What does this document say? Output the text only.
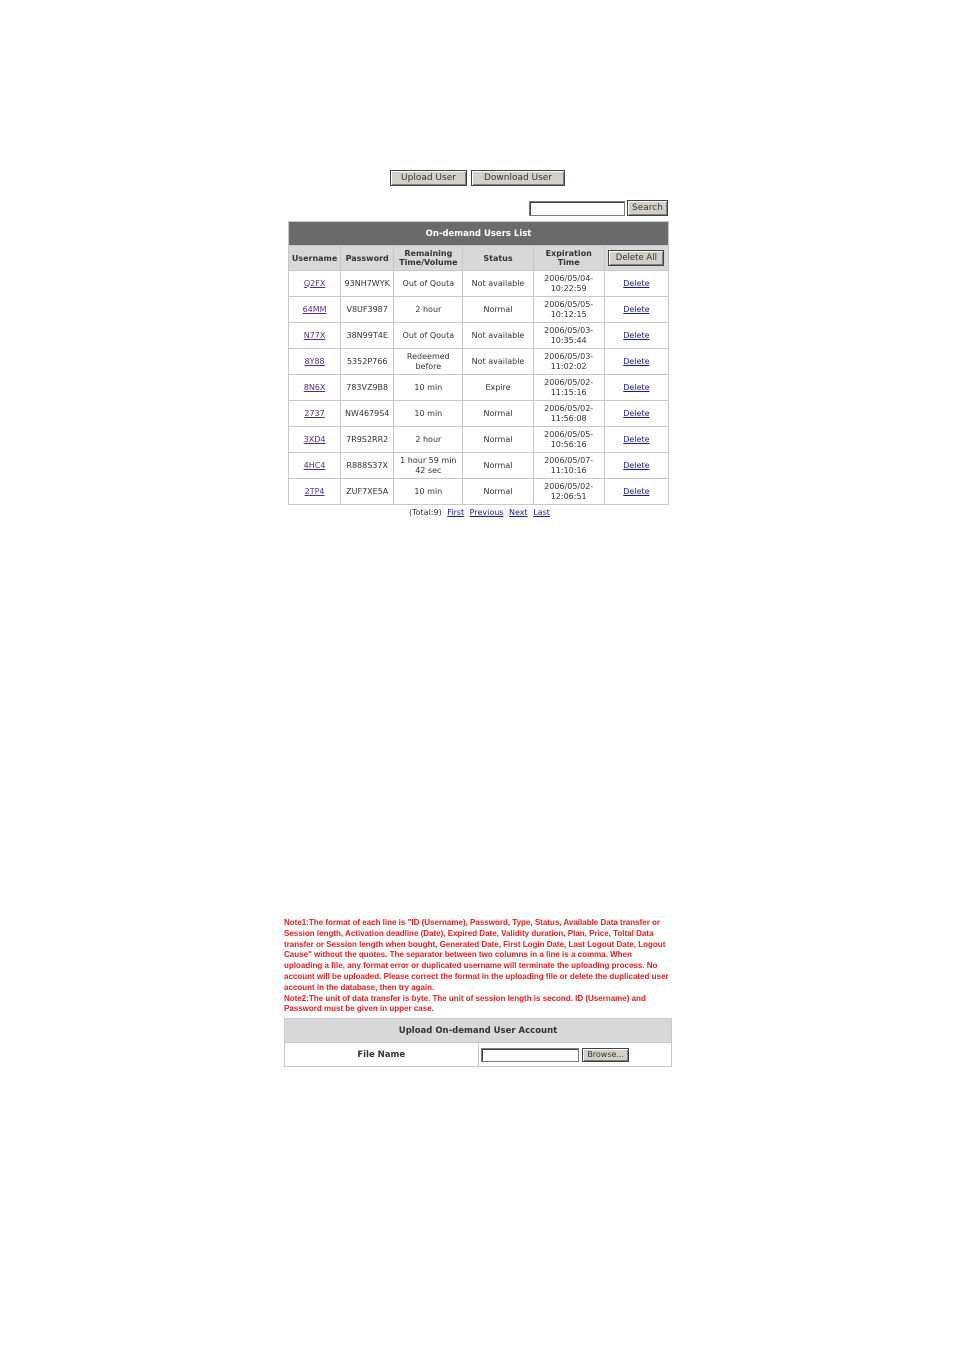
Upload User	Download User
Search
On-demand Users List					
Username	Password	Remaining Time/Volume	Status	Expiration Time	Delete All
Q2FX	93NH7WYK	Out of Qouta	Not available	2006/05/04-10:22:59	Delete
64MM	V8UF3987	2 hour	Normal	2006/05/05-10:12:15	Delete
N77X	38N99T4E	Out of Qouta	Not available	2006/05/03-10:35:44	Delete
8Y88	5352P766	Redeemed before	Not available	2006/05/03-11:02:02	Delete
8N6X	783VZ9B8	10 min	Expire	2006/05/02-11:15:16	Delete
2737	NW4679S4	10 min	Normal	2006/05/02-11:56:08	Delete
3XD4	7R9S2RR2	2 hour	Normal	2006/05/05-10:56:16	Delete
4HC4	R888S37X	1 hour 59 min 42 sec	Normal	2006/05/07-11:10:16	Delete
2TP4	ZUF7XE5A	10 min	Normal	2006/05/02-12:06:51	Delete
(Total:9) First Previous Next Last

Note1:The format of each line is "ID (Username), Password, Type, Status, Available Data transfer or Session length, Activation deadline (Date), Expired Date, Validity duration, Plan, Price, Toltal Data transfer or Session length when bought, Generated Date, First Login Date, Last Logout Date, Logout Cause" without the quotes. The separator between two columns in a line is a comma. When uploading a file, any format error or duplicated username will terminate the uploading process. No account will be uploaded. Please correct the format in the uploading file or delete the duplicated user account in the database, then try again.

Note2:The unit of data transfer is byte. The unit of session length is second. ID (Username) and Password must be given in upper case.

Upload On-demand User Account
File Name	Browse...
